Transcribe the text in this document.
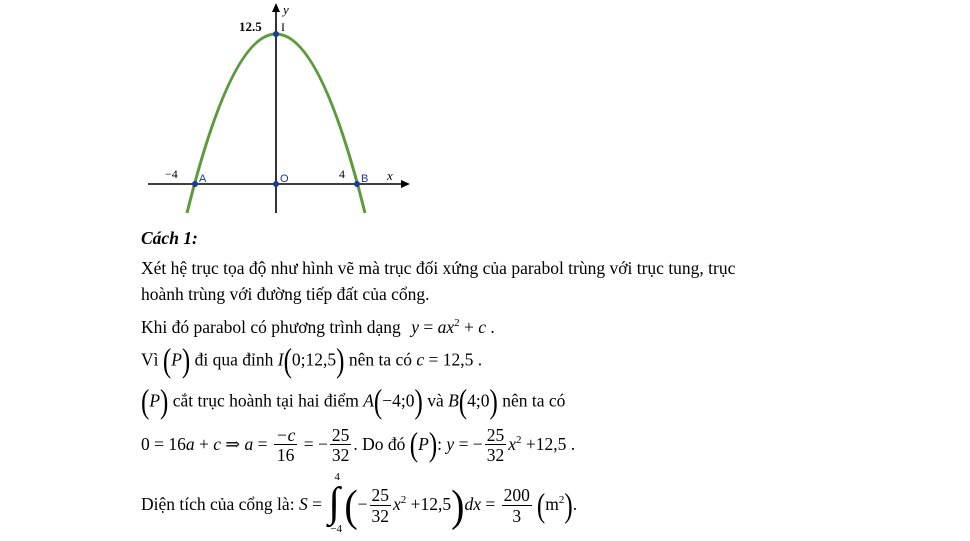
12.5 I
y
x
−4 A	O	4 B
Cách 1:
Xét hệ trục tọa độ như hình vẽ mà trục đối xứng của parabol trùng với trục tung, trục
hoành trùng với đường tiếp đất của cổng.
Khi đó parabol có phương trình dạng $y = ax^2 + c$ .
Vì (P) đi qua đỉnh I(0;12,5) nên ta có c = 12,5 .
(P) cắt trục hoành tại hai điểm A(−4;0) và B(4;0) nên ta có
0 = 16a + c ⇒ $a = \frac{-c}{16}$ = − $\frac{25}{32}$ . Do đó (P): y = − $\frac{25}{32} x^2 +12,5$ .
Diện tích của cổng là: S = ∫
4
−4 (− $\frac{25}{32} x^2 +12,5)dx = \frac{200}{3} (m^2)$.
